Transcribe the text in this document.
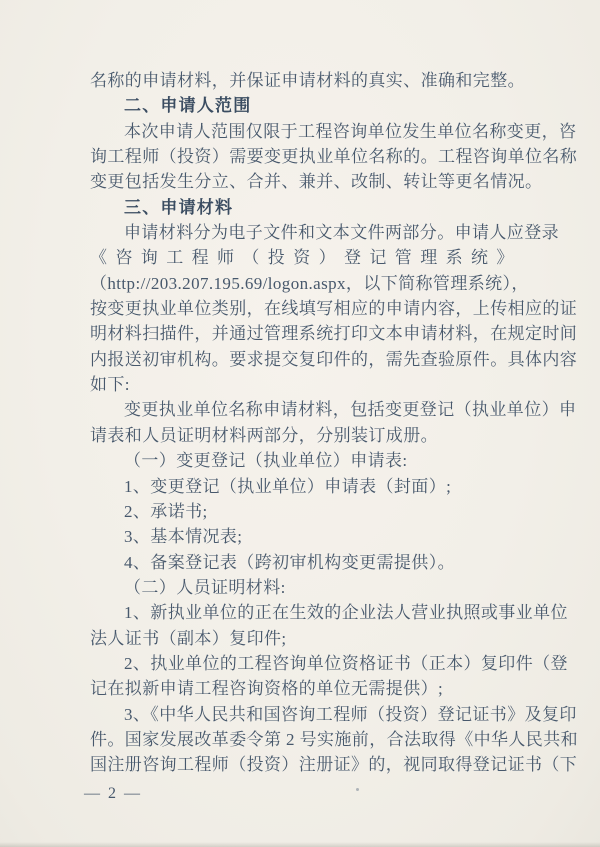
名称的申请材料，并保证申请材料的真实、准确和完整。
二、申请人范围
本次申请人范围仅限于工程咨询单位发生单位名称变更，咨
询工程师（投资）需要变更执业单位名称的。工程咨询单位名称
变更包括发生分立、合并、兼并、改制、转让等更名情况。
三、申请材料
申请材料分为电子文件和文本文件两部分。申请人应登录
《咨询工程师（投资）登记管理系统》
（http://203.207.195.69/logon.aspx，以下简称管理系统），
按变更执业单位类别，在线填写相应的申请内容，上传相应的证
明材料扫描件，并通过管理系统打印文本申请材料，在规定时间
内报送初审机构。要求提交复印件的，需先查验原件。具体内容
如下:
变更执业单位名称申请材料，包括变更登记（执业单位）申
请表和人员证明材料两部分，分别装订成册。
（一）变更登记（执业单位）申请表:
1、变更登记（执业单位）申请表（封面）;
2、承诺书;
3、基本情况表;
4、备案登记表（跨初审机构变更需提供）。
（二）人员证明材料:
1、新执业单位的正在生效的企业法人营业执照或事业单位
法人证书（副本）复印件;
2、执业单位的工程咨询单位资格证书（正本）复印件（登
记在拟新申请工程咨询资格的单位无需提供）;
3、《中华人民共和国咨询工程师（投资）登记证书》及复印
件。国家发展改革委令第 2 号实施前，合法取得《中华人民共和
国注册咨询工程师（投资）注册证》的，视同取得登记证书（下
— 2 —
